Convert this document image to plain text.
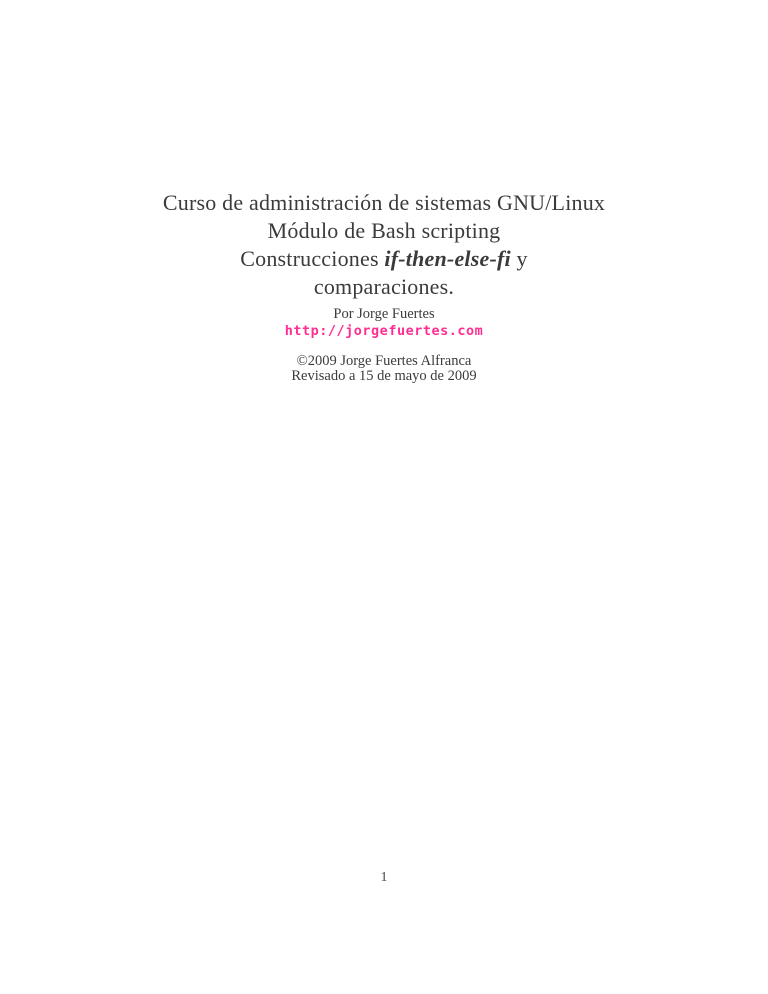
Curso de administración de sistemas GNU/Linux
Módulo de Bash scripting
Construcciones if-then-else-fi y
comparaciones.
Por Jorge Fuertes
http://jorgefuertes.com
©2009 Jorge Fuertes Alfranca
Revisado a 15 de mayo de 2009
1
